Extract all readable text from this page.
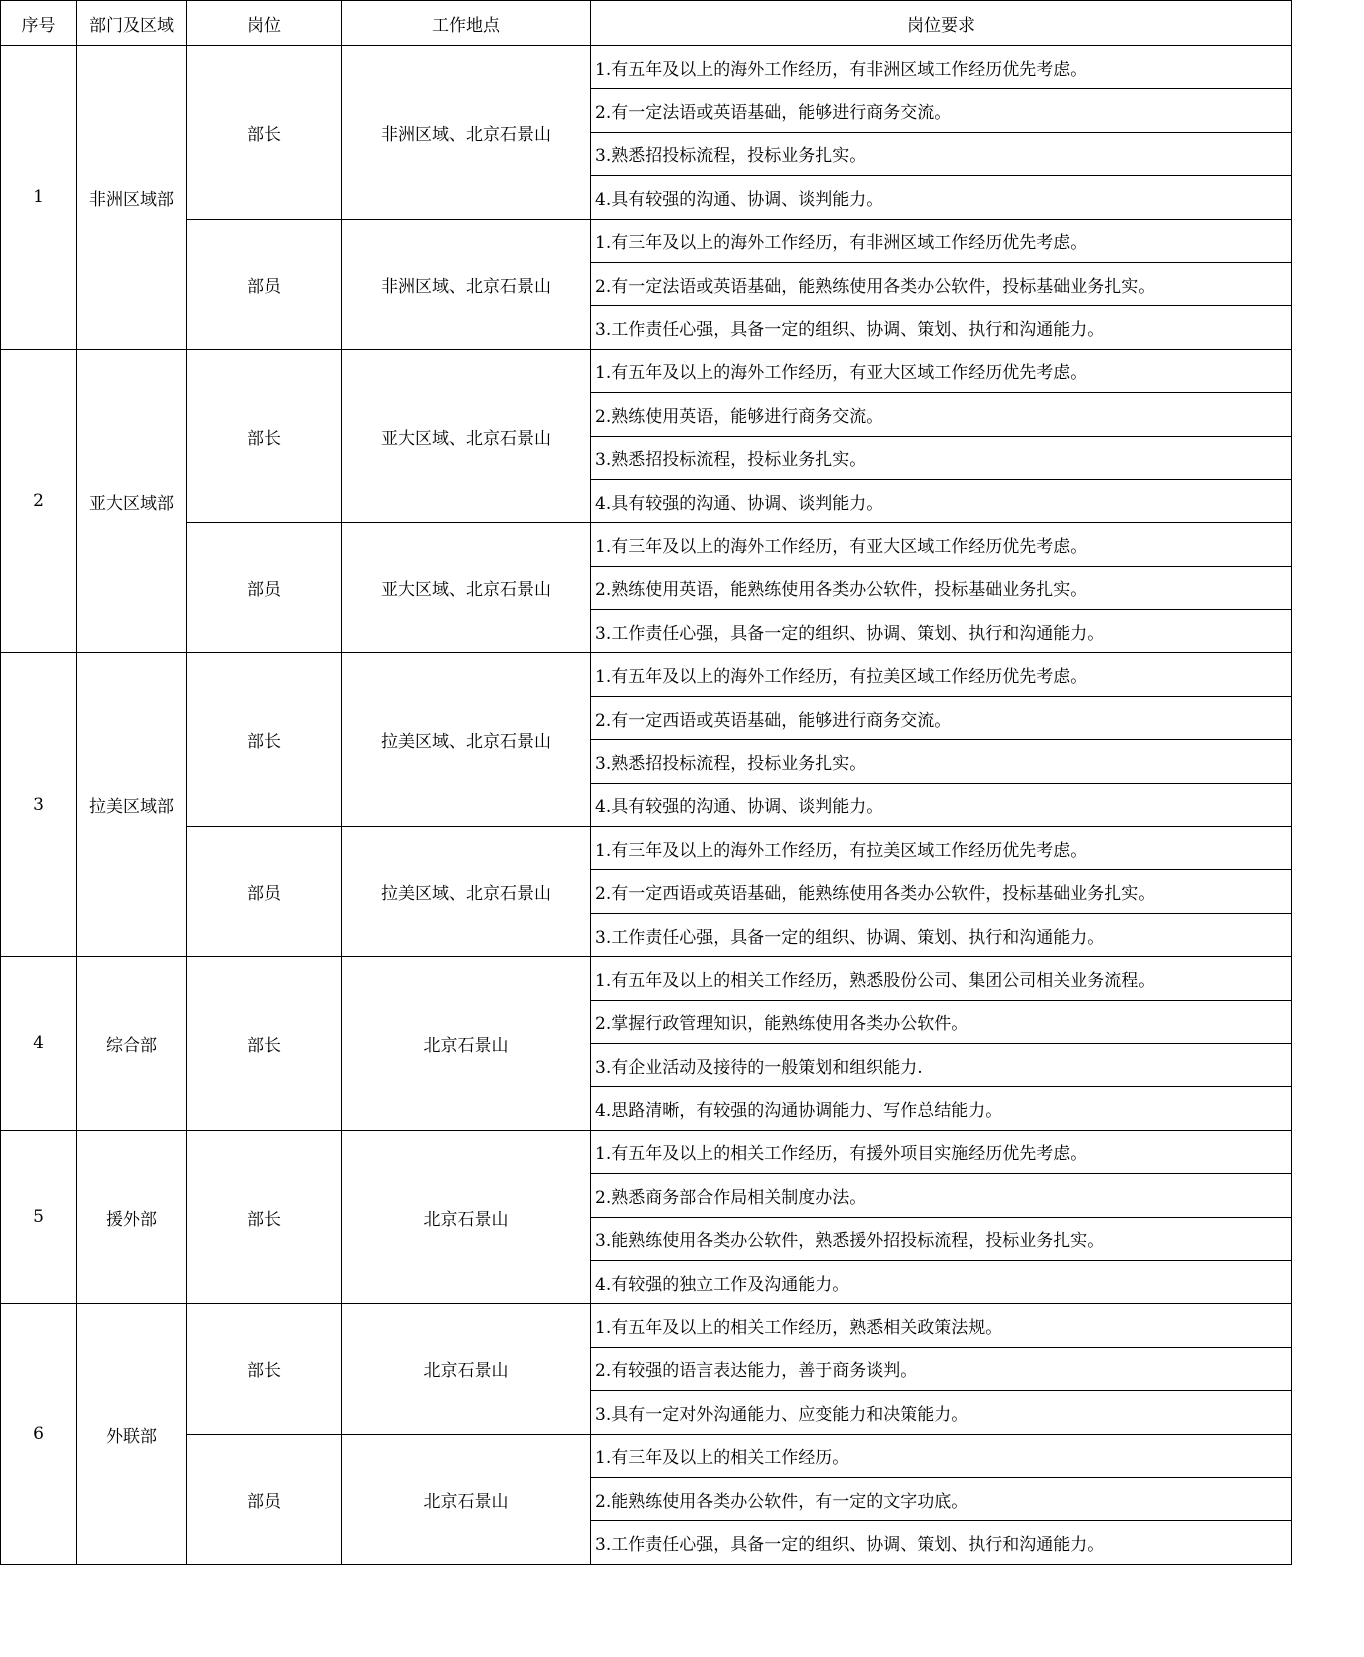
序号	部门及区域	岗位	工作地点	岗位要求
1	非洲区域部	部长	非洲区域、北京石景山	1.有五年及以上的海外工作经历，有非洲区域工作经历优先考虑。
				2.有一定法语或英语基础，能够进行商务交流。
				3.熟悉招投标流程，投标业务扎实。
				4.具有较强的沟通、协调、谈判能力。
		部员	非洲区域、北京石景山	1.有三年及以上的海外工作经历，有非洲区域工作经历优先考虑。
				2.有一定法语或英语基础，能熟练使用各类办公软件，投标基础业务扎实。
				3.工作责任心强，具备一定的组织、协调、策划、执行和沟通能力。
2	亚大区域部	部长	亚大区域、北京石景山	1.有五年及以上的海外工作经历，有亚大区域工作经历优先考虑。
				2.熟练使用英语，能够进行商务交流。
				3.熟悉招投标流程，投标业务扎实。
				4.具有较强的沟通、协调、谈判能力。
		部员	亚大区域、北京石景山	1.有三年及以上的海外工作经历，有亚大区域工作经历优先考虑。
				2.熟练使用英语，能熟练使用各类办公软件，投标基础业务扎实。
				3.工作责任心强，具备一定的组织、协调、策划、执行和沟通能力。
3	拉美区域部	部长	拉美区域、北京石景山	1.有五年及以上的海外工作经历，有拉美区域工作经历优先考虑。
				2.有一定西语或英语基础，能够进行商务交流。
				3.熟悉招投标流程，投标业务扎实。
				4.具有较强的沟通、协调、谈判能力。
		部员	拉美区域、北京石景山	1.有三年及以上的海外工作经历，有拉美区域工作经历优先考虑。
				2.有一定西语或英语基础，能熟练使用各类办公软件，投标基础业务扎实。
				3.工作责任心强，具备一定的组织、协调、策划、执行和沟通能力。
4	综合部	部长	北京石景山	1.有五年及以上的相关工作经历，熟悉股份公司、集团公司相关业务流程。
				2.掌握行政管理知识，能熟练使用各类办公软件。
				3.有企业活动及接待的一般策划和组织能力.
				4.思路清晰，有较强的沟通协调能力、写作总结能力。
5	援外部	部长	北京石景山	1.有五年及以上的相关工作经历，有援外项目实施经历优先考虑。
				2.熟悉商务部合作局相关制度办法。
				3.能熟练使用各类办公软件，熟悉援外招投标流程，投标业务扎实。
				4.有较强的独立工作及沟通能力。
6	外联部	部长	北京石景山	1.有五年及以上的相关工作经历，熟悉相关政策法规。
				2.有较强的语言表达能力，善于商务谈判。
				3.具有一定对外沟通能力、应变能力和决策能力。
		部员	北京石景山	1.有三年及以上的相关工作经历。
				2.能熟练使用各类办公软件，有一定的文字功底。
				3.工作责任心强，具备一定的组织、协调、策划、执行和沟通能力。
